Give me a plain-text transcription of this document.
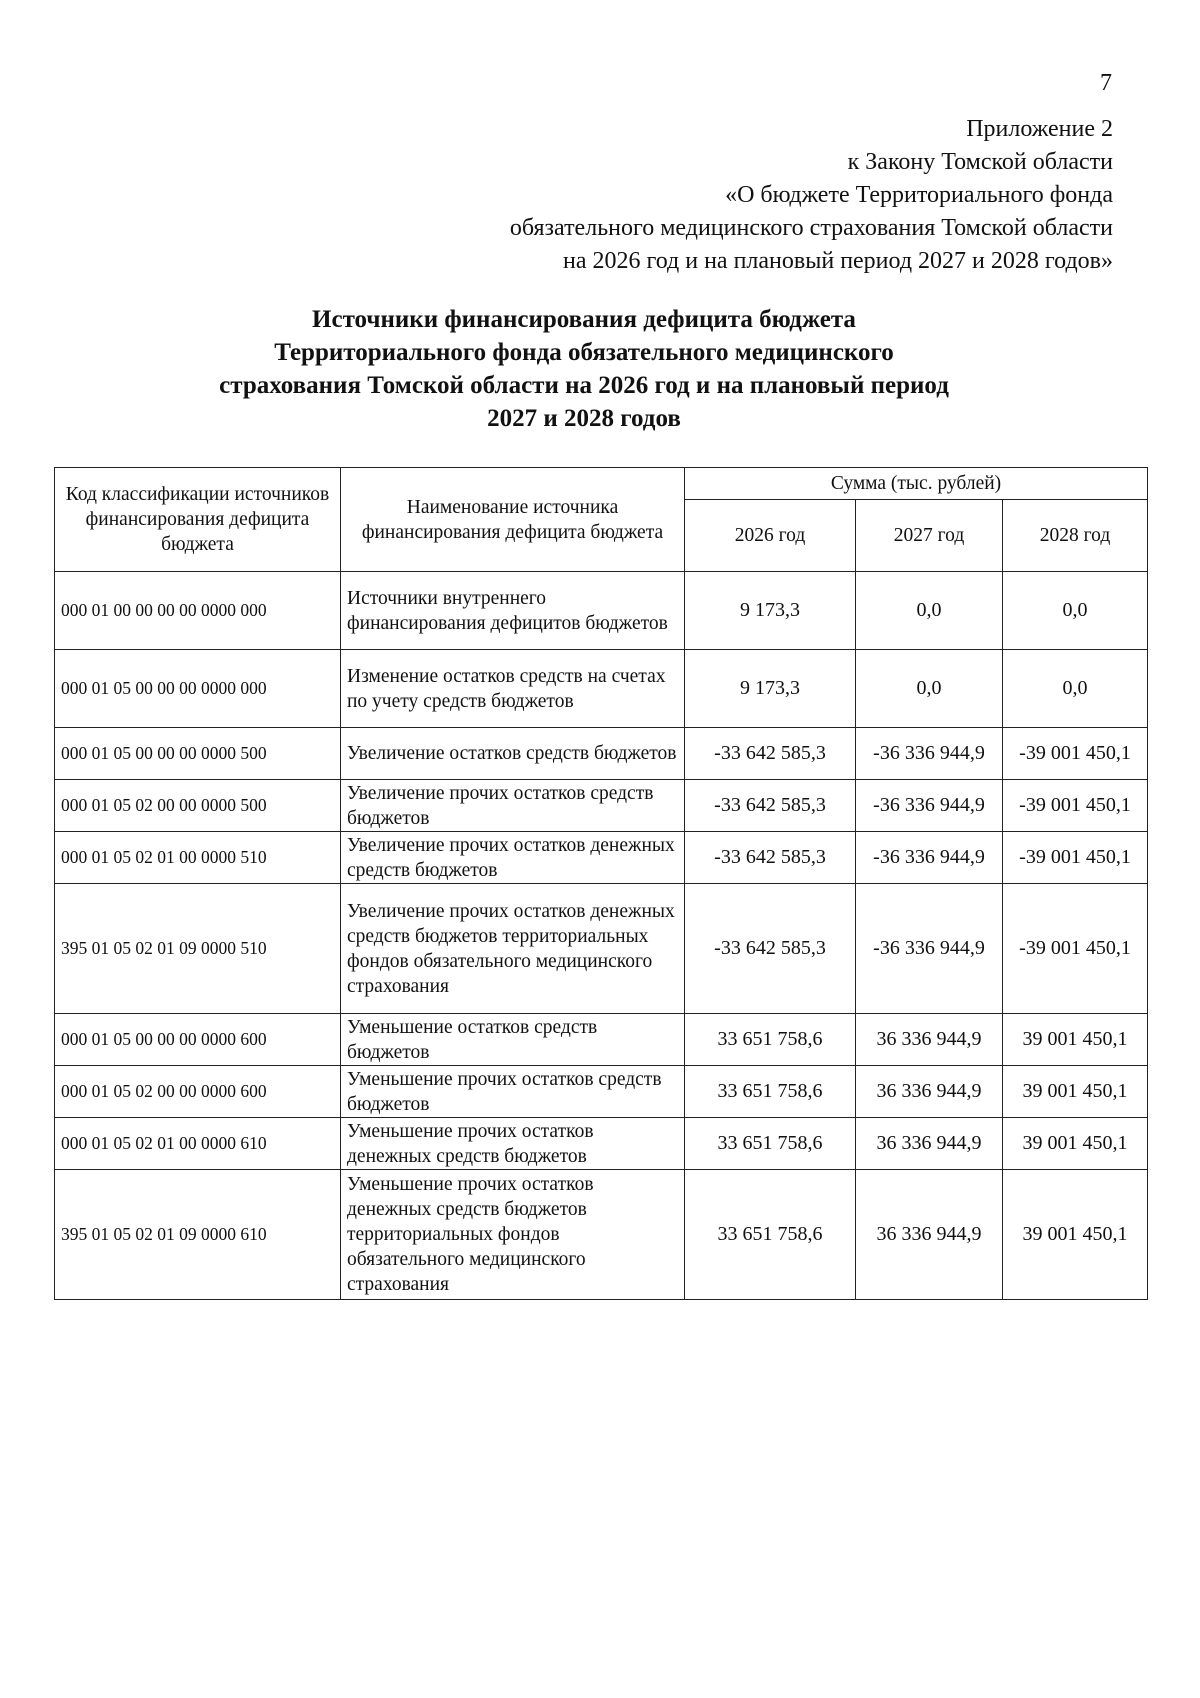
7
Приложение 2
к Закону Томской области
«О бюджете Территориального фонда
обязательного медицинского страхования Томской области
на 2026 год и на плановый период 2027 и 2028 годов»
Источники финансирования дефицита бюджета
Территориального фонда обязательного медицинского
страхования Томской области на 2026 год и на плановый период
2027 и 2028 годов
Код классификации источников финансирования дефицита бюджета	Наименование источника финансирования дефицита бюджета	Сумма (тыс. рублей)		
		2026 год	2027 год	2028 год
000 01 00 00 00 00 0000 000	Источники внутреннего финансирования дефицитов бюджетов	9 173,3	0,0	0,0
000 01 05 00 00 00 0000 000	Изменение остатков средств на счетах по учету средств бюджетов	9 173,3	0,0	0,0
000 01 05 00 00 00 0000 500	Увеличение остатков средств бюджетов	-33 642 585,3	-36 336 944,9	-39 001 450,1
000 01 05 02 00 00 0000 500	Увеличение прочих остатков средств бюджетов	-33 642 585,3	-36 336 944,9	-39 001 450,1
000 01 05 02 01 00 0000 510	Увеличение прочих остатков денежных средств бюджетов	-33 642 585,3	-36 336 944,9	-39 001 450,1
395 01 05 02 01 09 0000 510	Увеличение прочих остатков денежных средств бюджетов территориальных фондов обязательного медицинского страхования	-33 642 585,3	-36 336 944,9	-39 001 450,1
000 01 05 00 00 00 0000 600	Уменьшение остатков средств бюджетов	33 651 758,6	36 336 944,9	39 001 450,1
000 01 05 02 00 00 0000 600	Уменьшение прочих остатков средств бюджетов	33 651 758,6	36 336 944,9	39 001 450,1
000 01 05 02 01 00 0000 610	Уменьшение прочих остатков денежных средств бюджетов	33 651 758,6	36 336 944,9	39 001 450,1
395 01 05 02 01 09 0000 610	Уменьшение прочих остатков денежных средств бюджетов территориальных фондов обязательного медицинского страхования	33 651 758,6	36 336 944,9	39 001 450,1
